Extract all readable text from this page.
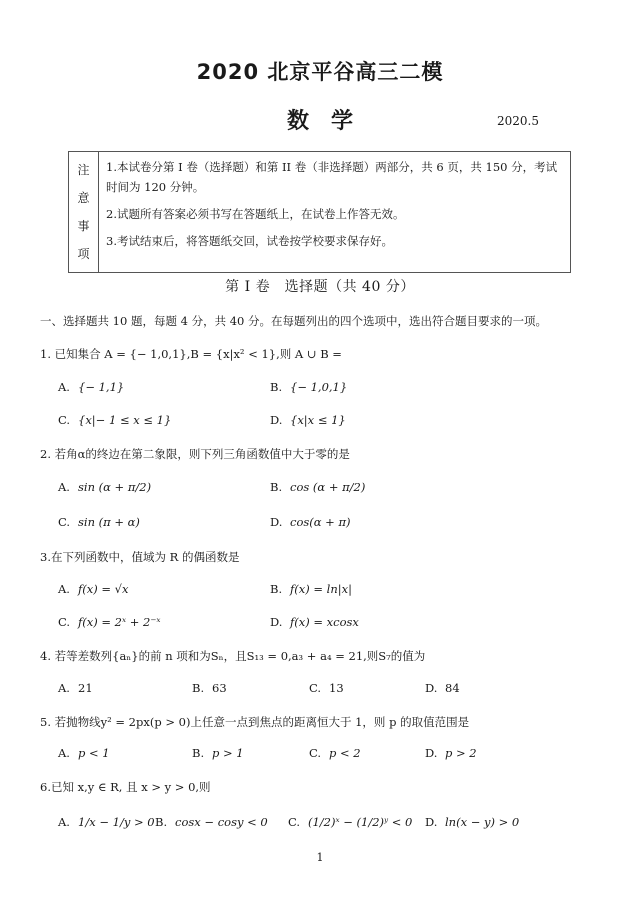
2020 北京平谷高三二模
数　学	2020.5
注
意
事
项

1.本试卷分第 I 卷（选择题）和第 II 卷（非选择题）两部分，共 6 页，共 150 分，考试时间为 120 分钟。

2.试题所有答案必须书写在答题纸上，在试卷上作答无效。

3.考试结束后，将答题纸交回，试卷按学校要求保存好。

第 I 卷　选择题（共 40 分）
一、选择题共 10 题，每题 4 分，共 40 分。在每题列出的四个选项中，选出符合题目要求的一项。
1. 已知集合 A = {− 1,0,1},B = {x|x² < 1},则 A ∪ B =
A. {− 1,1}	B. {− 1,0,1}
C. {x|− 1 ≤ x ≤ 1}	D. {x|x ≤ 1}
2. 若角α的终边在第二象限，则下列三角函数值中大于零的是
A. sin (α + π/2)	B. cos (α + π/2)
C. sin (π + α)	D. cos(α + π)
3.在下列函数中，值域为 R 的偶函数是
A. f(x) = √x	B. f(x) = ln|x|
C. f(x) = 2ˣ + 2⁻ˣ	D. f(x) = xcosx
4. 若等差数列{aₙ}的前 n 项和为Sₙ，且S₁₃ = 0,a₃ + a₄ = 21,则S₇的值为
A. 21	B. 63	C. 13	D. 84
5. 若抛物线y² = 2px(p > 0)上任意一点到焦点的距离恒大于 1，则 p 的取值范围是
A. p < 1	B. p > 1	C. p < 2	D. p > 2
6.已知 x,y ∈ R, 且 x > y > 0,则
A. 1/x − 1/y > 0 B. cosx − cosy < 0 C. (1/2)ˣ − (1/2)ʸ < 0 D. ln(x − y) > 0
1
